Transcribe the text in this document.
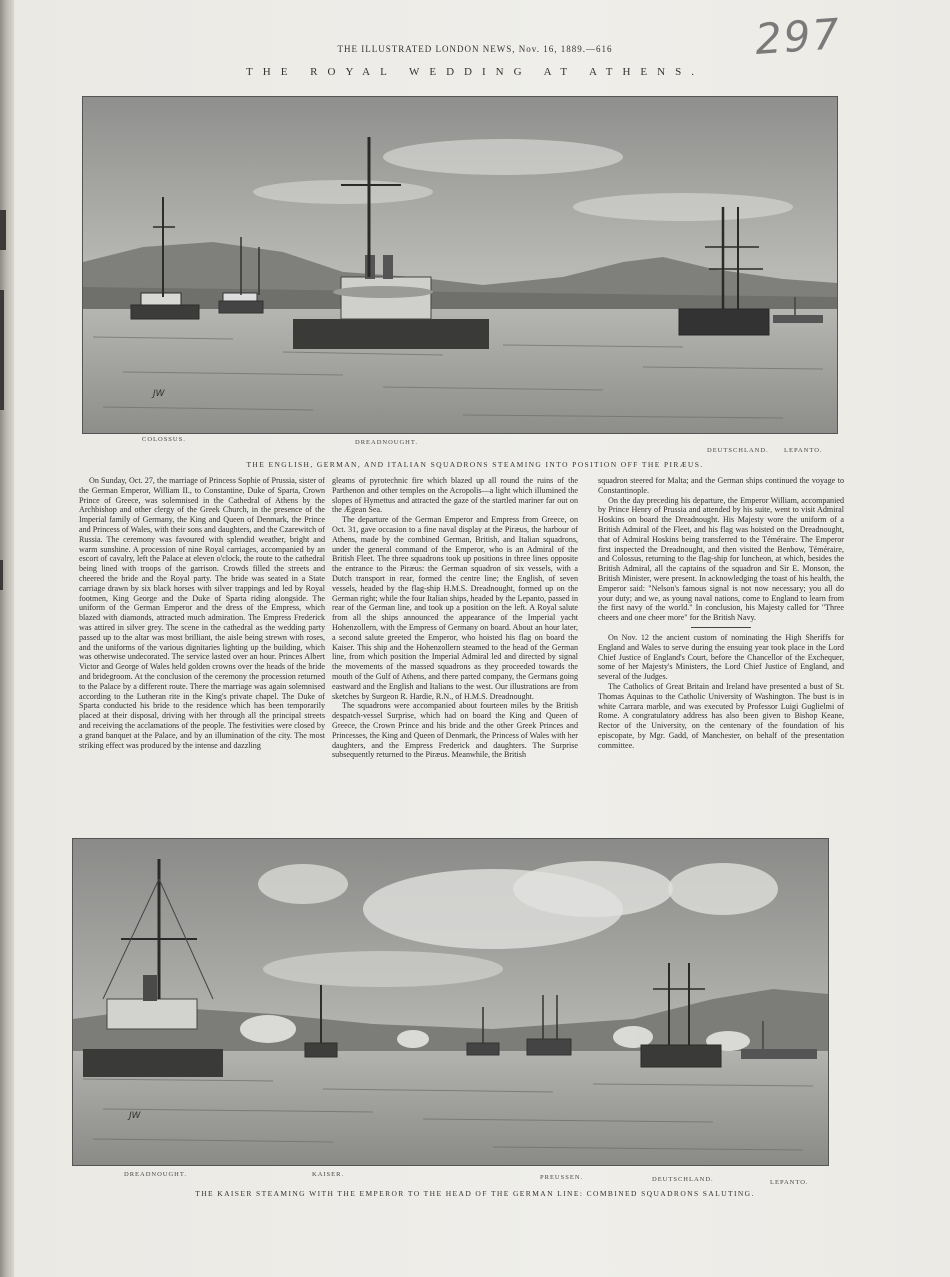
THE ILLUSTRATED LONDON NEWS, Nov. 16, 1889.—616	297
THE ROYAL WEDDING AT ATHENS.
JW
COLOSSUS.	DREADNOUGHT.
DEUTSCHLAND. LEPANTO.
THE ENGLISH, GERMAN, AND ITALIAN SQUADRONS STEAMING INTO POSITION OFF THE PIRÆUS.

On Sunday, Oct. 27, the marriage of Princess Sophie of Prussia, sister of the German Emperor, William II., to Constantine, Duke of Sparta, Crown Prince of Greece, was solemnised in the Cathedral of Athens by the Archbishop and other clergy of the Greek Church, in the presence of the Imperial family of Germany, the King and Queen of Denmark, the Prince and Princess of Wales, with their sons and daughters, and the Czarewitch of Russia. The ceremony was favoured with splendid weather, bright and warm sunshine. A procession of nine Royal carriages, accompanied by an escort of cavalry, left the Palace at eleven o'clock, the route to the cathedral being lined with troops of the garrison. Crowds filled the streets and cheered the bride and the Royal party. The bride was seated in a State carriage drawn by six black horses with silver trappings and led by Royal footmen, King George and the Duke of Sparta riding alongside. The uniform of the German Emperor and the dress of the Empress, which blazed with diamonds, attracted much admiration. The Empress Frederick was attired in silver grey. The scene in the cathedral as the wedding party passed up to the altar was most brilliant, the aisle being strewn with roses, and the uniforms of the various dignitaries lighting up the building, which was otherwise undecorated. The service lasted over an hour. Princes Albert Victor and George of Wales held golden crowns over the heads of the bride and bridegroom. At the conclusion of the ceremony the procession returned to the Palace by a different route. There the marriage was again solemnised according to the Lutheran rite in the King's private chapel. The Duke of Sparta conducted his bride to the residence which has been temporarily placed at their disposal, driving with her through all the principal streets and receiving the acclamations of the people. The festivities were closed by a grand banquet at the Palace, and by an illumination of the city. The most striking effect was produced by the intense and dazzling

gleams of pyrotechnic fire which blazed up all round the ruins of the Parthenon and other temples on the Acropolis—a light which illumined the slopes of Hymettus and attracted the gaze of the startled mariner far out on the Ægean Sea.

The departure of the German Emperor and Empress from Greece, on Oct. 31, gave occasion to a fine naval display at the Piræus, the harbour of Athens, made by the combined German, British, and Italian squadrons, under the general command of the Emperor, who is an Admiral of the British Fleet. The three squadrons took up positions in three lines opposite the entrance to the Piræus: the German squadron of six vessels, with a Dutch transport in rear, formed the centre line; the English, of seven vessels, headed by the flag-ship H.M.S. Dreadnought, formed up on the German right; while the four Italian ships, headed by the Lepanto, passed in rear of the German line, and took up a position on the left. A Royal salute from all the ships announced the appearance of the Imperial yacht Hohenzollern, with the Empress of Germany on board. About an hour later, a second salute greeted the Emperor, who hoisted his flag on board the Kaiser. This ship and the Hohenzollern steamed to the head of the German line, from which position the Imperial Admiral led and directed by signal the movements of the massed squadrons as they proceeded towards the mouth of the Gulf of Athens, and there parted company, the Germans going eastward and the English and Italians to the west. Our illustrations are from sketches by Surgeon R. Hardie, R.N., of H.M.S. Dreadnought.

The squadrons were accompanied about fourteen miles by the British despatch-vessel Surprise, which had on board the King and Queen of Greece, the Crown Prince and his bride and the other Greek Princes and Princesses, the King and Queen of Denmark, the Princess of Wales with her daughters, and the Empress Frederick and daughters. The Surprise subsequently returned to the Piræus. Meanwhile, the British

squadron steered for Malta; and the German ships continued the voyage to Constantinople.

On the day preceding his departure, the Emperor William, accompanied by Prince Henry of Prussia and attended by his suite, went to visit Admiral Hoskins on board the Dreadnought. His Majesty wore the uniform of a British Admiral of the Fleet, and his flag was hoisted on the Dreadnought, that of Admiral Hoskins being transferred to the Téméraire. The Emperor first inspected the Dreadnought, and then visited the Benbow, Téméraire, and Colossus, returning to the flag-ship for luncheon, at which, besides the British Admiral, all the captains of the squadron and Sir E. Monson, the British Minister, were present. In acknowledging the toast of his health, the Emperor said: "Nelson's famous signal is not now necessary; you all do your duty; and we, as young naval nations, come to England to learn from the first navy of the world." In conclusion, his Majesty called for "Three cheers and one cheer more" for the British Navy.

On Nov. 12 the ancient custom of nominating the High Sheriffs for England and Wales to serve during the ensuing year took place in the Lord Chief Justice of England's Court, before the Chancellor of the Exchequer, some of her Majesty's Ministers, the Lord Chief Justice of England, and several of the Judges.

The Catholics of Great Britain and Ireland have presented a bust of St. Thomas Aquinas to the Catholic University of Washington. The bust is in white Carrara marble, and was executed by Professor Luigi Guglielmi of Rome. A congratulatory address has also been given to Bishop Keane, Rector of the University, on the centenary of the foundation of his episcopate, by Mgr. Gadd, of Manchester, on behalf of the presentation committee.

JW
DREADNOUGHT.	KAISER.	PREUSSEN.	DEUTSCHLAND.	LEPANTO.
THE KAISER STEAMING WITH THE EMPEROR TO THE HEAD OF THE GERMAN LINE: COMBINED SQUADRONS SALUTING.
